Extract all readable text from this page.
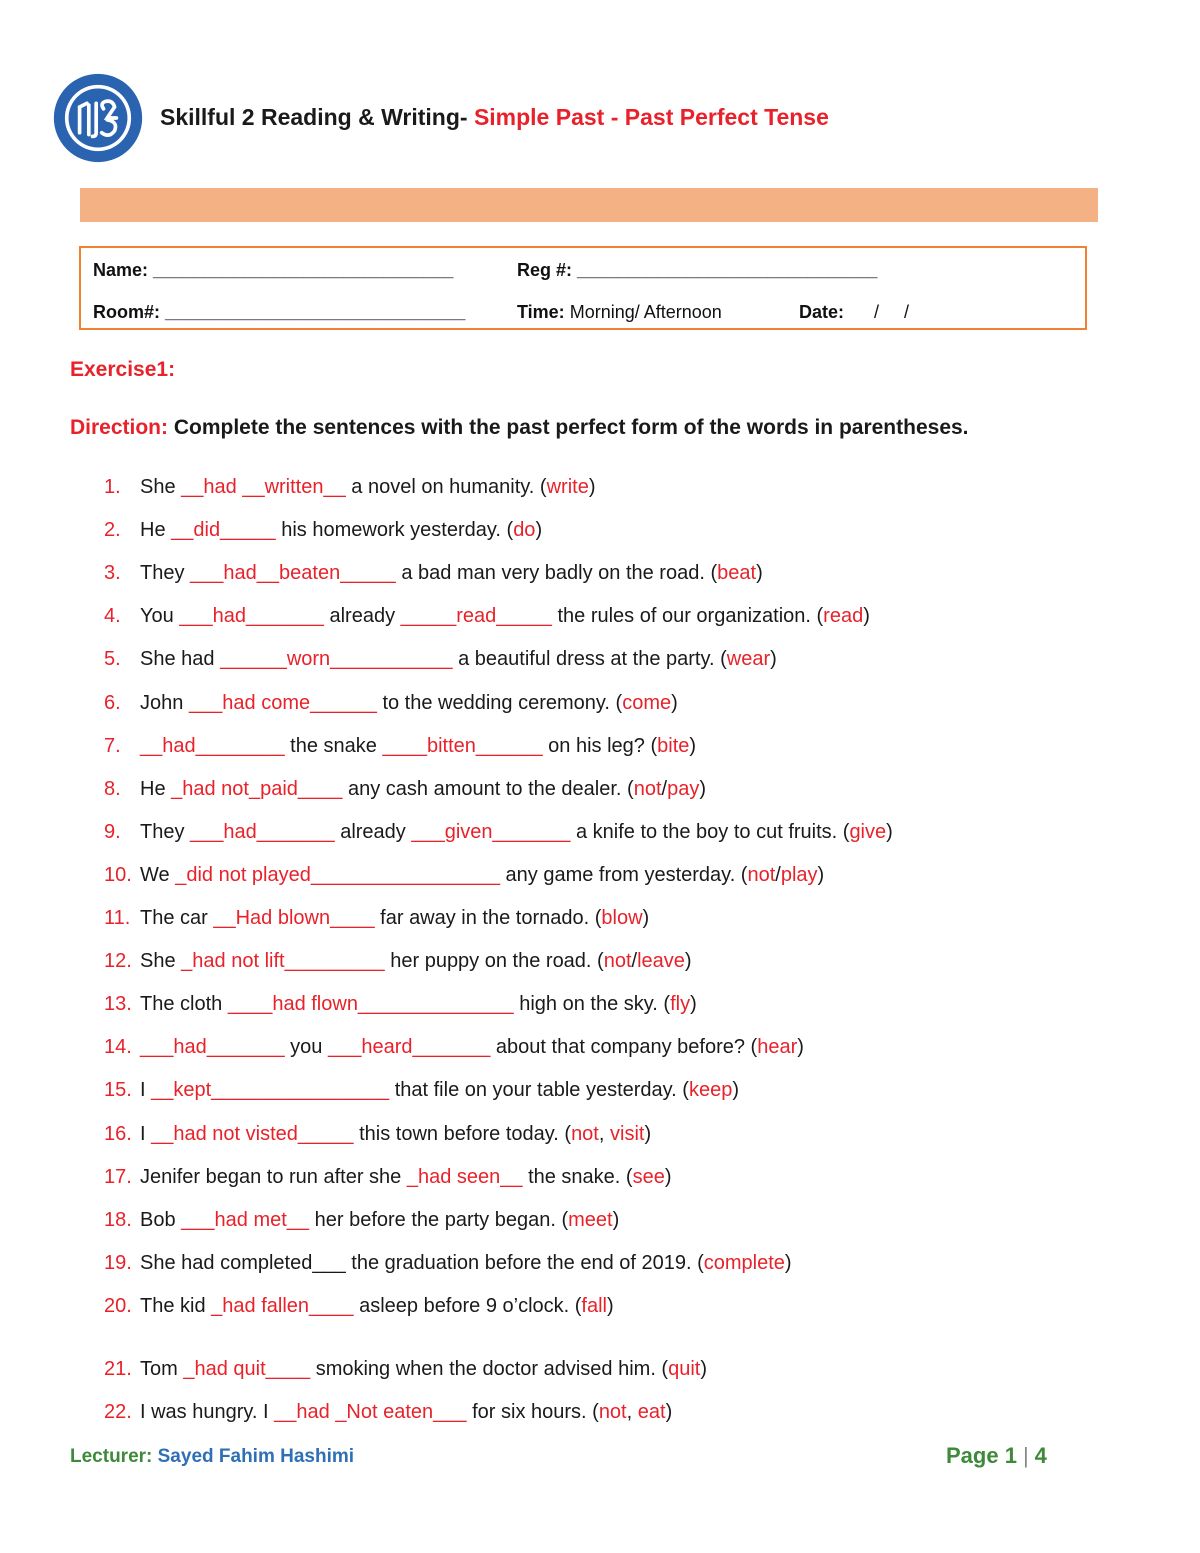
Skillful 2 Reading & Writing- Simple Past - Past Perfect Tense
Name: ______________________________	Reg #: ______________________________
Room#: ______________________________	Time: Morning/ Afternoon	Date: /     /
Exercise1:
Direction: Complete the sentences with the past perfect form of the words in parentheses.
1. She __had __written__ a novel on humanity. (write)
2. He __did_____ his homework yesterday. (do)
3. They ___had__beaten_____ a bad man very badly on the road. (beat)
4. You ___had_______ already _____read_____ the rules of our organization. (read)
5. She had ______worn___________ a beautiful dress at the party. (wear)
6. John ___had come______ to the wedding ceremony. (come)
7. __had________ the snake ____bitten______ on his leg? (bite)
8. He _had not_paid____ any cash amount to the dealer. (not/pay)
9. They ___had_______ already ___given_______ a knife to the boy to cut fruits. (give)
10. We _did not played_________________ any game from yesterday. (not/play)
11. The car __Had blown____ far away in the tornado. (blow)
12. She _had not lift_________ her puppy on the road. (not/leave)
13. The cloth ____had flown______________ high on the sky. (fly)
14. ___had_______ you ___heard_______ about that company before? (hear)
15. I __kept________________ that file on your table yesterday. (keep)
16. I __had not visted_____ this town before today. (not, visit)
17. Jenifer began to run after she _had seen__ the snake. (see)
18. Bob ___had met__ her before the party began. (meet)
19. She had completed___ the graduation before the end of 2019. (complete)
20. The kid _had fallen____ asleep before 9 o’clock. (fall)
21. Tom _had quit____ smoking when the doctor advised him. (quit)
22. I was hungry. I __had _Not eaten___ for six hours. (not, eat)
Lecturer: Sayed Fahim Hashimi	Page 1 | 4
